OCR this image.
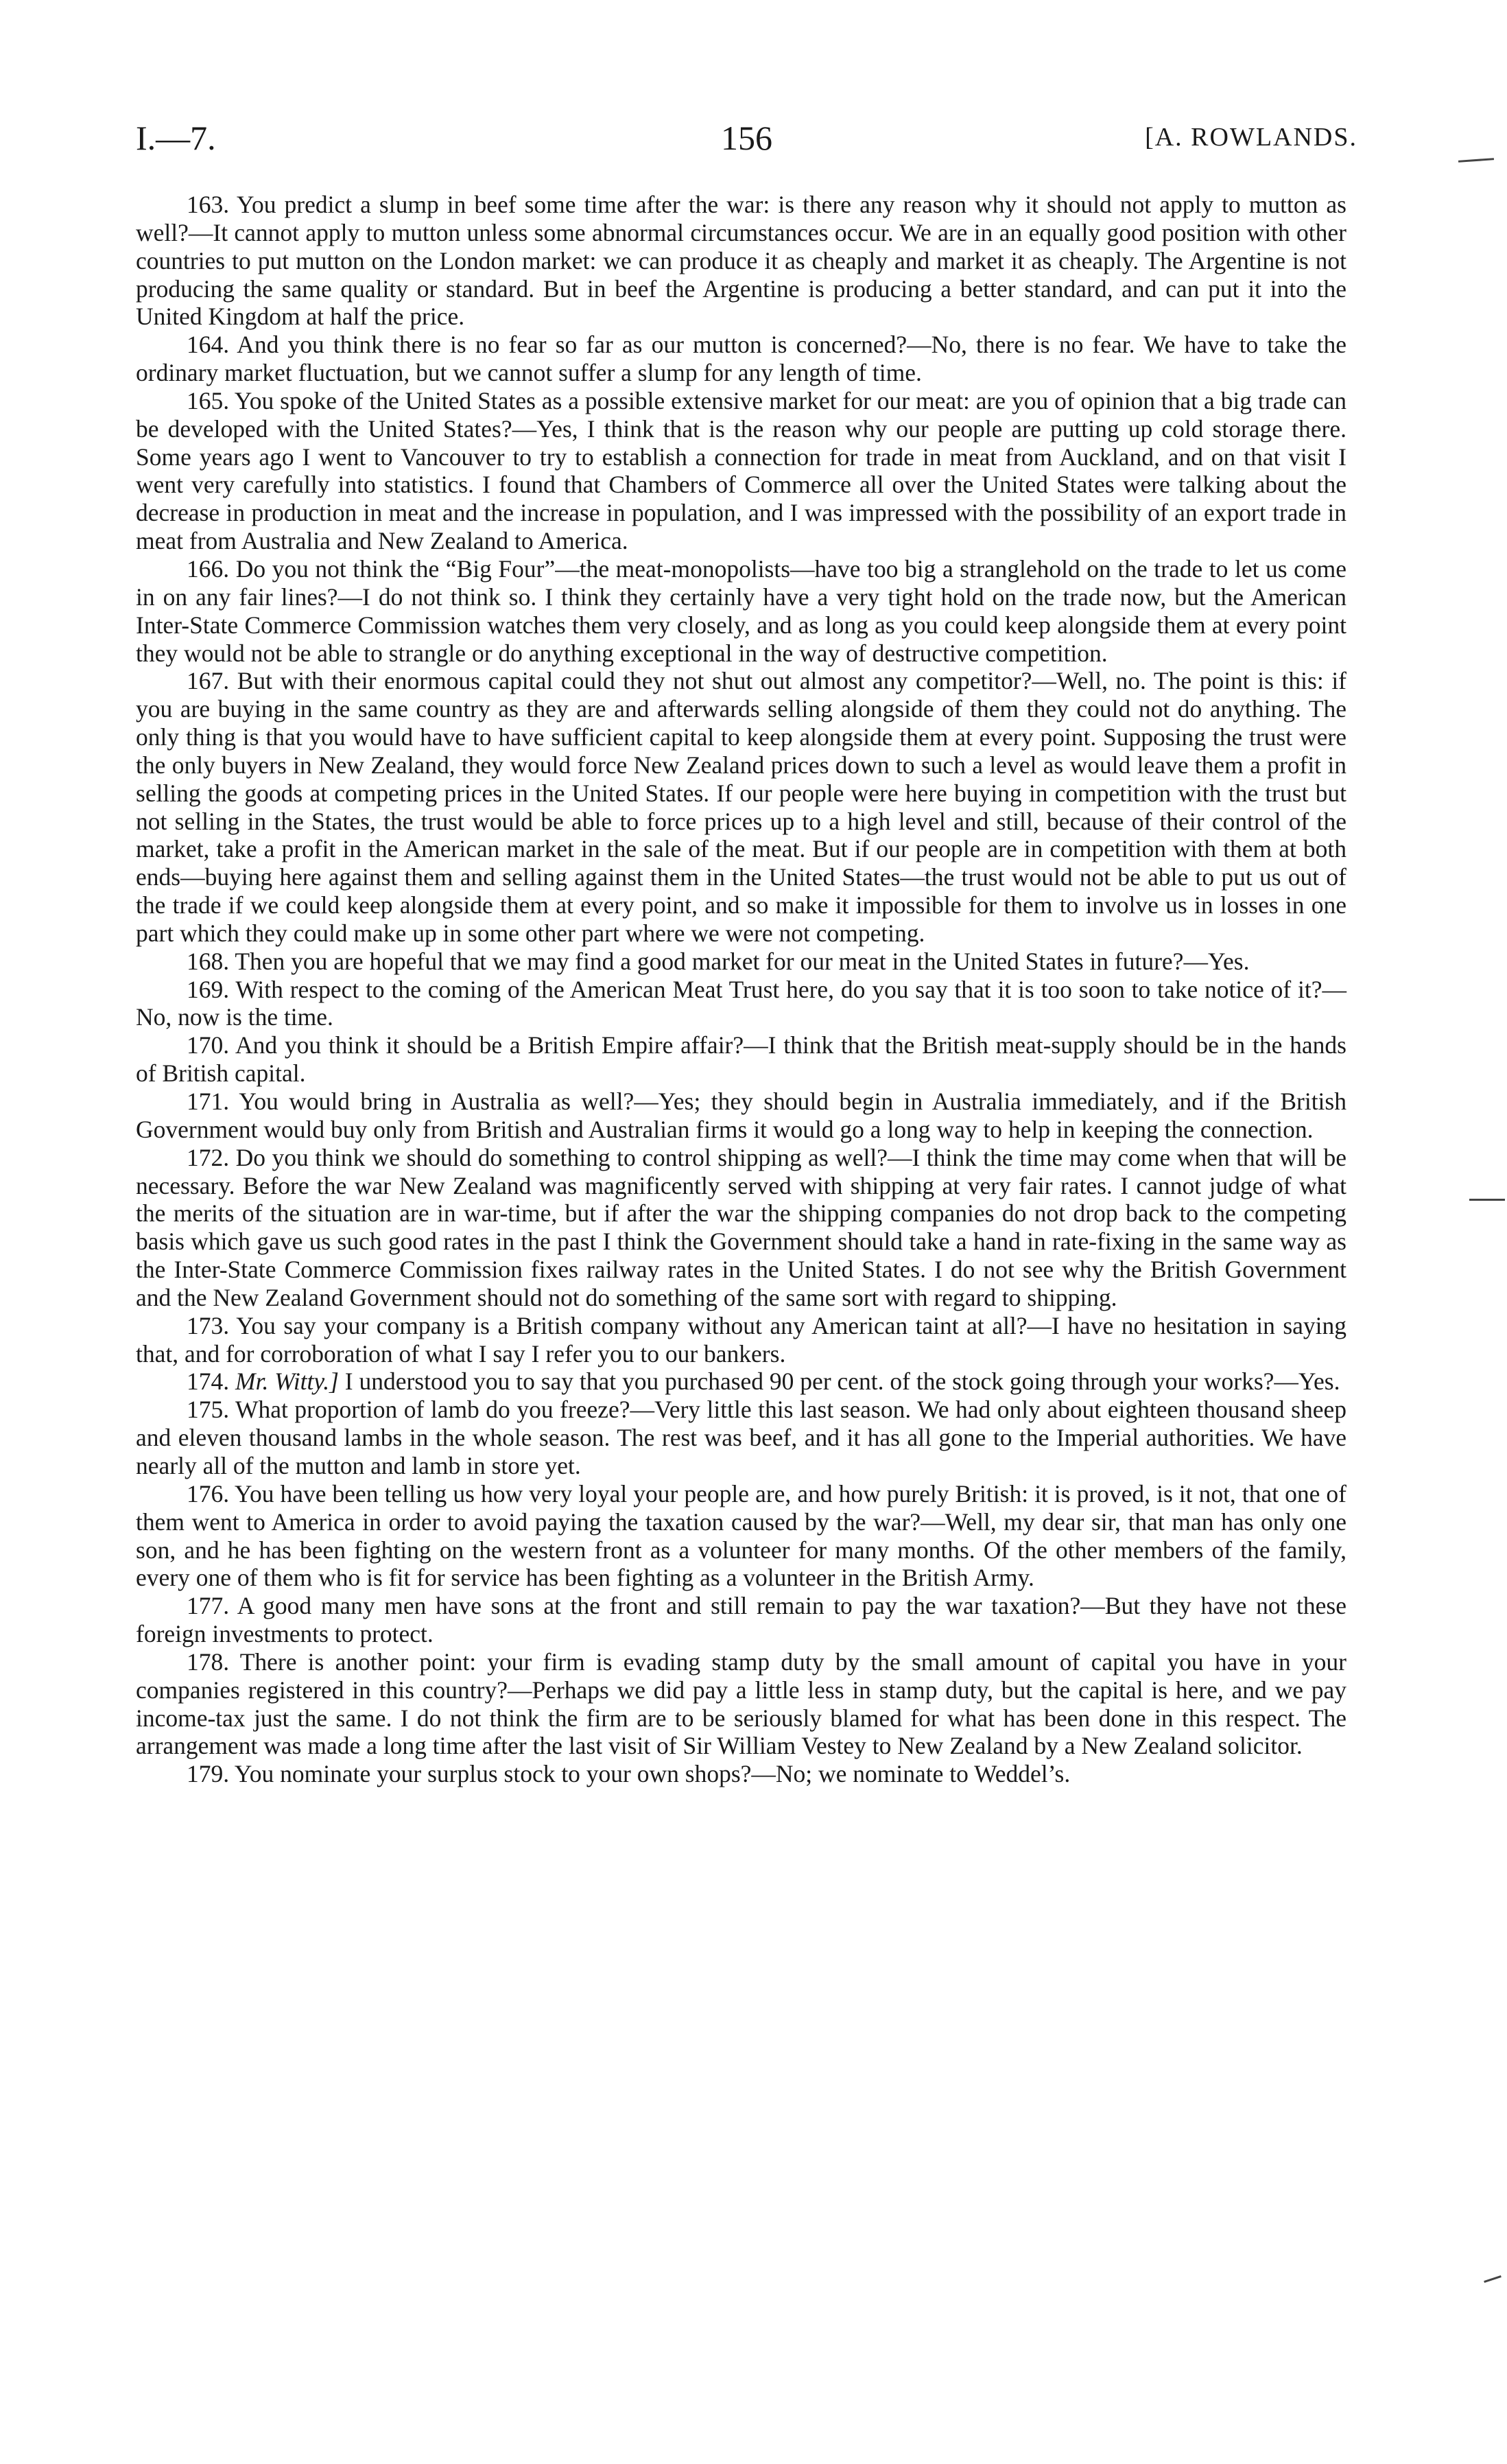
I.—7.	156	[A. ROWLANDS.

163. You predict a slump in beef some time after the war: is there any reason why it should not apply to mutton as well?—It cannot apply to mutton unless some abnormal circumstances occur. We are in an equally good position with other countries to put mutton on the London market: we can produce it as cheaply and market it as cheaply. The Argentine is not producing the same quality or standard. But in beef the Argentine is producing a better standard, and can put it into the United Kingdom at half the price.

164. And you think there is no fear so far as our mutton is concerned?—No, there is no fear. We have to take the ordinary market fluctuation, but we cannot suffer a slump for any length of time.

165. You spoke of the United States as a possible extensive market for our meat: are you of opinion that a big trade can be developed with the United States?—Yes, I think that is the reason why our people are putting up cold storage there. Some years ago I went to Vancouver to try to establish a connection for trade in meat from Auckland, and on that visit I went very carefully into statistics. I found that Chambers of Commerce all over the United States were talking about the decrease in production in meat and the increase in population, and I was impressed with the possibility of an export trade in meat from Australia and New Zealand to America.

166. Do you not think the “Big Four”—the meat-monopolists—have too big a stranglehold on the trade to let us come in on any fair lines?—I do not think so. I think they certainly have a very tight hold on the trade now, but the American Inter-State Commerce Commission watches them very closely, and as long as you could keep alongside them at every point they would not be able to strangle or do anything exceptional in the way of destructive competition.

167. But with their enormous capital could they not shut out almost any competitor?—Well, no. The point is this: if you are buying in the same country as they are and afterwards selling alongside of them they could not do anything. The only thing is that you would have to have sufficient capital to keep alongside them at every point. Supposing the trust were the only buyers in New Zealand, they would force New Zealand prices down to such a level as would leave them a profit in selling the goods at competing prices in the United States. If our people were here buying in competition with the trust but not selling in the States, the trust would be able to force prices up to a high level and still, because of their control of the market, take a profit in the American market in the sale of the meat. But if our people are in competition with them at both ends—buying here against them and selling against them in the United States—the trust would not be able to put us out of the trade if we could keep alongside them at every point, and so make it impossible for them to involve us in losses in one part which they could make up in some other part where we were not competing.

168. Then you are hopeful that we may find a good market for our meat in the United States in future?—Yes.

169. With respect to the coming of the American Meat Trust here, do you say that it is too soon to take notice of it?—No, now is the time.

170. And you think it should be a British Empire affair?—I think that the British meat-supply should be in the hands of British capital.

171. You would bring in Australia as well?—Yes; they should begin in Australia immediately, and if the British Government would buy only from British and Australian firms it would go a long way to help in keeping the connection.

172. Do you think we should do something to control shipping as well?—I think the time may come when that will be necessary. Before the war New Zealand was magnificently served with shipping at very fair rates. I cannot judge of what the merits of the situation are in war-time, but if after the war the shipping companies do not drop back to the competing basis which gave us such good rates in the past I think the Government should take a hand in rate-fixing in the same way as the Inter-State Commerce Commission fixes railway rates in the United States. I do not see why the British Government and the New Zealand Government should not do something of the same sort with regard to shipping.

173. You say your company is a British company without any American taint at all?—I have no hesitation in saying that, and for corroboration of what I say I refer you to our bankers.

174. Mr. Witty.] I understood you to say that you purchased 90 per cent. of the stock going through your works?—Yes.

175. What proportion of lamb do you freeze?—Very little this last season. We had only about eighteen thousand sheep and eleven thousand lambs in the whole season. The rest was beef, and it has all gone to the Imperial authorities. We have nearly all of the mutton and lamb in store yet.

176. You have been telling us how very loyal your people are, and how purely British: it is proved, is it not, that one of them went to America in order to avoid paying the taxation caused by the war?—Well, my dear sir, that man has only one son, and he has been fighting on the western front as a volunteer for many months. Of the other members of the family, every one of them who is fit for service has been fighting as a volunteer in the British Army.

177. A good many men have sons at the front and still remain to pay the war taxation?—But they have not these foreign investments to protect.

178. There is another point: your firm is evading stamp duty by the small amount of capital you have in your companies registered in this country?—Perhaps we did pay a little less in stamp duty, but the capital is here, and we pay income-tax just the same. I do not think the firm are to be seriously blamed for what has been done in this respect. The arrangement was made a long time after the last visit of Sir William Vestey to New Zealand by a New Zealand solicitor.

179. You nominate your surplus stock to your own shops?—No; we nominate to Weddel’s.
